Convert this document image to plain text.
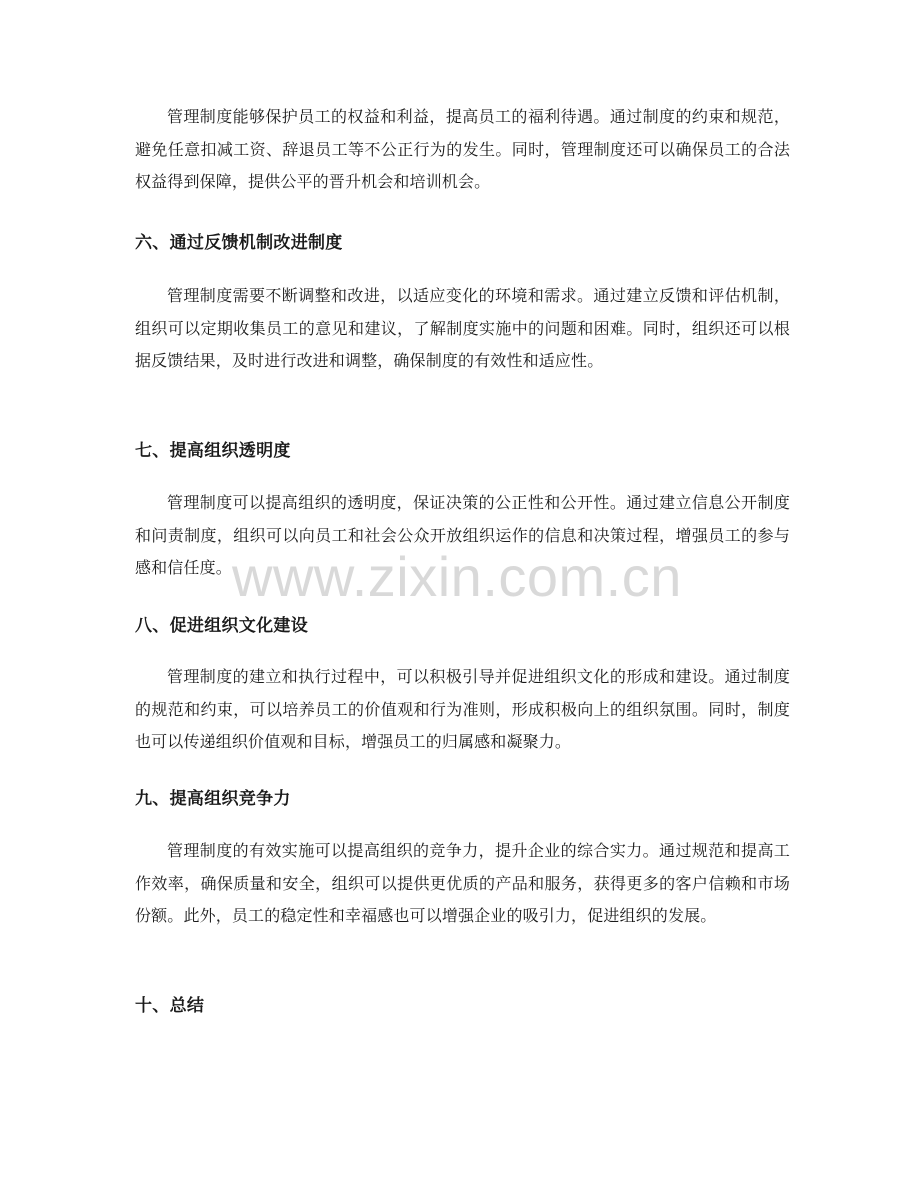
管理制度能够保护员工的权益和利益，提高员工的福利待遇。通过制度的约束和规范，避免任意扣减工资、辞退员工等不公正行为的发生。同时，管理制度还可以确保员工的合法权益得到保障，提供公平的晋升机会和培训机会。

六、通过反馈机制改进制度

管理制度需要不断调整和改进，以适应变化的环境和需求。通过建立反馈和评估机制，组织可以定期收集员工的意见和建议，了解制度实施中的问题和困难。同时，组织还可以根据反馈结果，及时进行改进和调整，确保制度的有效性和适应性。

七、提高组织透明度

管理制度可以提高组织的透明度，保证决策的公正性和公开性。通过建立信息公开制度和问责制度，组织可以向员工和社会公众开放组织运作的信息和决策过程，增强员工的参与感和信任度。

八、促进组织文化建设

管理制度的建立和执行过程中，可以积极引导并促进组织文化的形成和建设。通过制度的规范和约束，可以培养员工的价值观和行为准则，形成积极向上的组织氛围。同时，制度也可以传递组织价值观和目标，增强员工的归属感和凝聚力。

九、提高组织竞争力

管理制度的有效实施可以提高组织的竞争力，提升企业的综合实力。通过规范和提高工作效率，确保质量和安全，组织可以提供更优质的产品和服务，获得更多的客户信赖和市场份额。此外，员工的稳定性和幸福感也可以增强企业的吸引力，促进组织的发展。

十、总结
www.zixin.com.cn
